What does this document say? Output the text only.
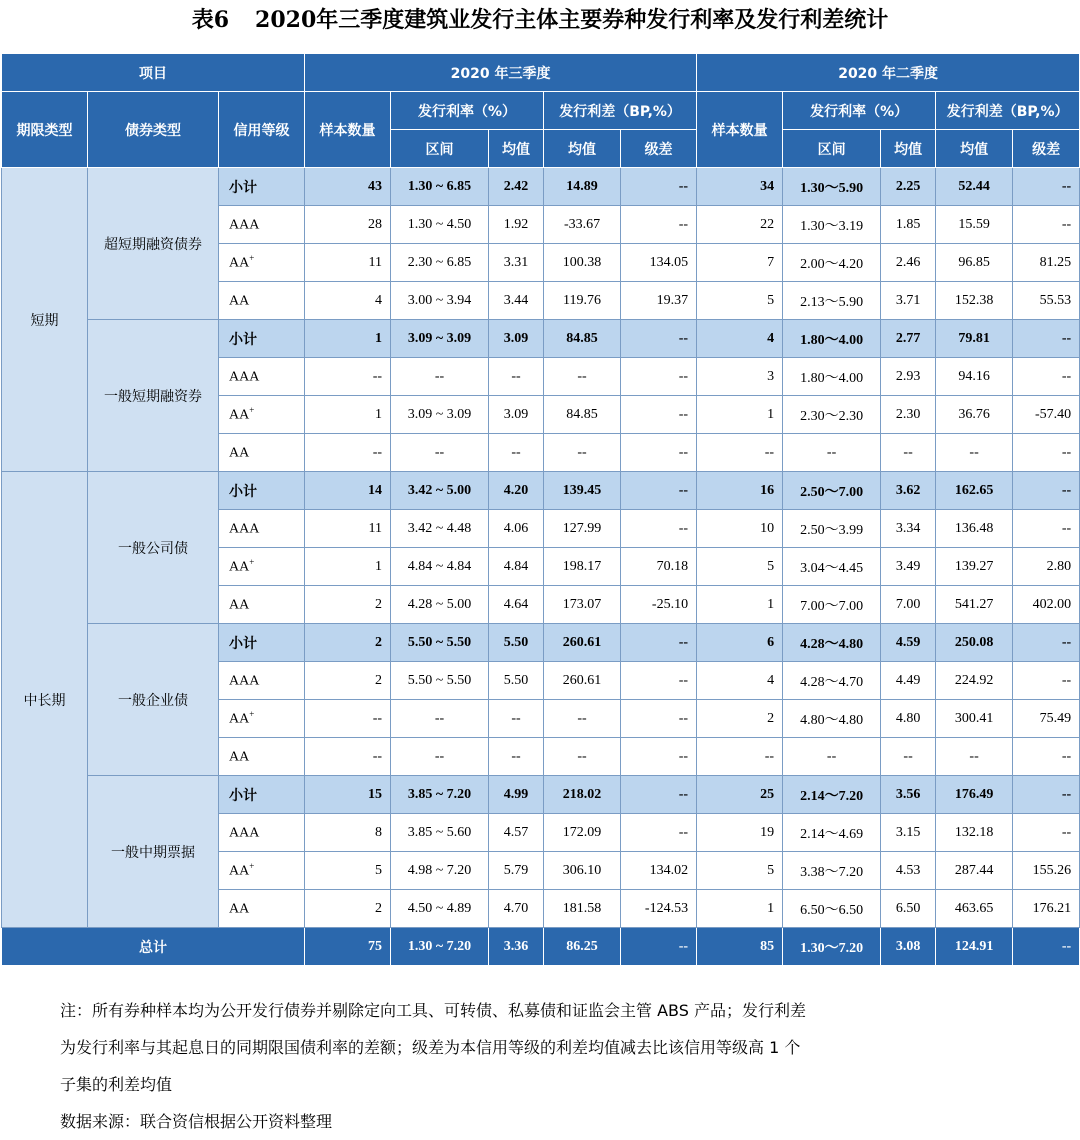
表6 2020年三季度建筑业发行主体主要券种发行利率及发行利差统计
项目			2020 年三季度					2020 年二季度				
期限类型	债券类型	信用等级	样本数量	发行利率（%）		发行利差（BP,%）		样本数量	发行利率（%）		发行利差（BP,%）	
				区间	均值	均值	级差		区间	均值	均值	级差
短期	超短期融资债券	小计	43	1.30 ~ 6.85	2.42	14.89	--	34	1.30～5.90	2.25	52.44	--
		AAA	28	1.30 ~ 4.50	1.92	-33.67	--	22	1.30～3.19	1.85	15.59	--
		AA+	11	2.30 ~ 6.85	3.31	100.38	134.05	7	2.00～4.20	2.46	96.85	81.25
		AA	4	3.00 ~ 3.94	3.44	119.76	19.37	5	2.13～5.90	3.71	152.38	55.53
	一般短期融资券	小计	1	3.09 ~ 3.09	3.09	84.85	--	4	1.80～4.00	2.77	79.81	--
		AAA	--	--	--	--	--	3	1.80～4.00	2.93	94.16	--
		AA+	1	3.09 ~ 3.09	3.09	84.85	--	1	2.30～2.30	2.30	36.76	-57.40
		AA	--	--	--	--	--	--	--	--	--	--
中长期	一般公司债	小计	14	3.42 ~ 5.00	4.20	139.45	--	16	2.50～7.00	3.62	162.65	--
		AAA	11	3.42 ~ 4.48	4.06	127.99	--	10	2.50～3.99	3.34	136.48	--
		AA+	1	4.84 ~ 4.84	4.84	198.17	70.18	5	3.04～4.45	3.49	139.27	2.80
		AA	2	4.28 ~ 5.00	4.64	173.07	-25.10	1	7.00～7.00	7.00	541.27	402.00
	一般企业债	小计	2	5.50 ~ 5.50	5.50	260.61	--	6	4.28～4.80	4.59	250.08	--
		AAA	2	5.50 ~ 5.50	5.50	260.61	--	4	4.28～4.70	4.49	224.92	--
		AA+	--	--	--	--	--	2	4.80～4.80	4.80	300.41	75.49
		AA	--	--	--	--	--	--	--	--	--	--
	一般中期票据	小计	15	3.85 ~ 7.20	4.99	218.02	--	25	2.14～7.20	3.56	176.49	--
		AAA	8	3.85 ~ 5.60	4.57	172.09	--	19	2.14～4.69	3.15	132.18	--
		AA+	5	4.98 ~ 7.20	5.79	306.10	134.02	5	3.38～7.20	4.53	287.44	155.26
		AA	2	4.50 ~ 4.89	4.70	181.58	-124.53	1	6.50～6.50	6.50	463.65	176.21
总计			75	1.30 ~ 7.20	3.36	86.25	--	85	1.30～7.20	3.08	124.91	--

注：所有券种样本均为公开发行债券并剔除定向工具、可转债、私募债和证监会主管 ABS 产品；发行利差

为发行利率与其起息日的同期限国债利率的差额；级差为本信用等级的利差均值减去比该信用等级高 1 个

子集的利差均值

数据来源：联合资信根据公开资料整理
